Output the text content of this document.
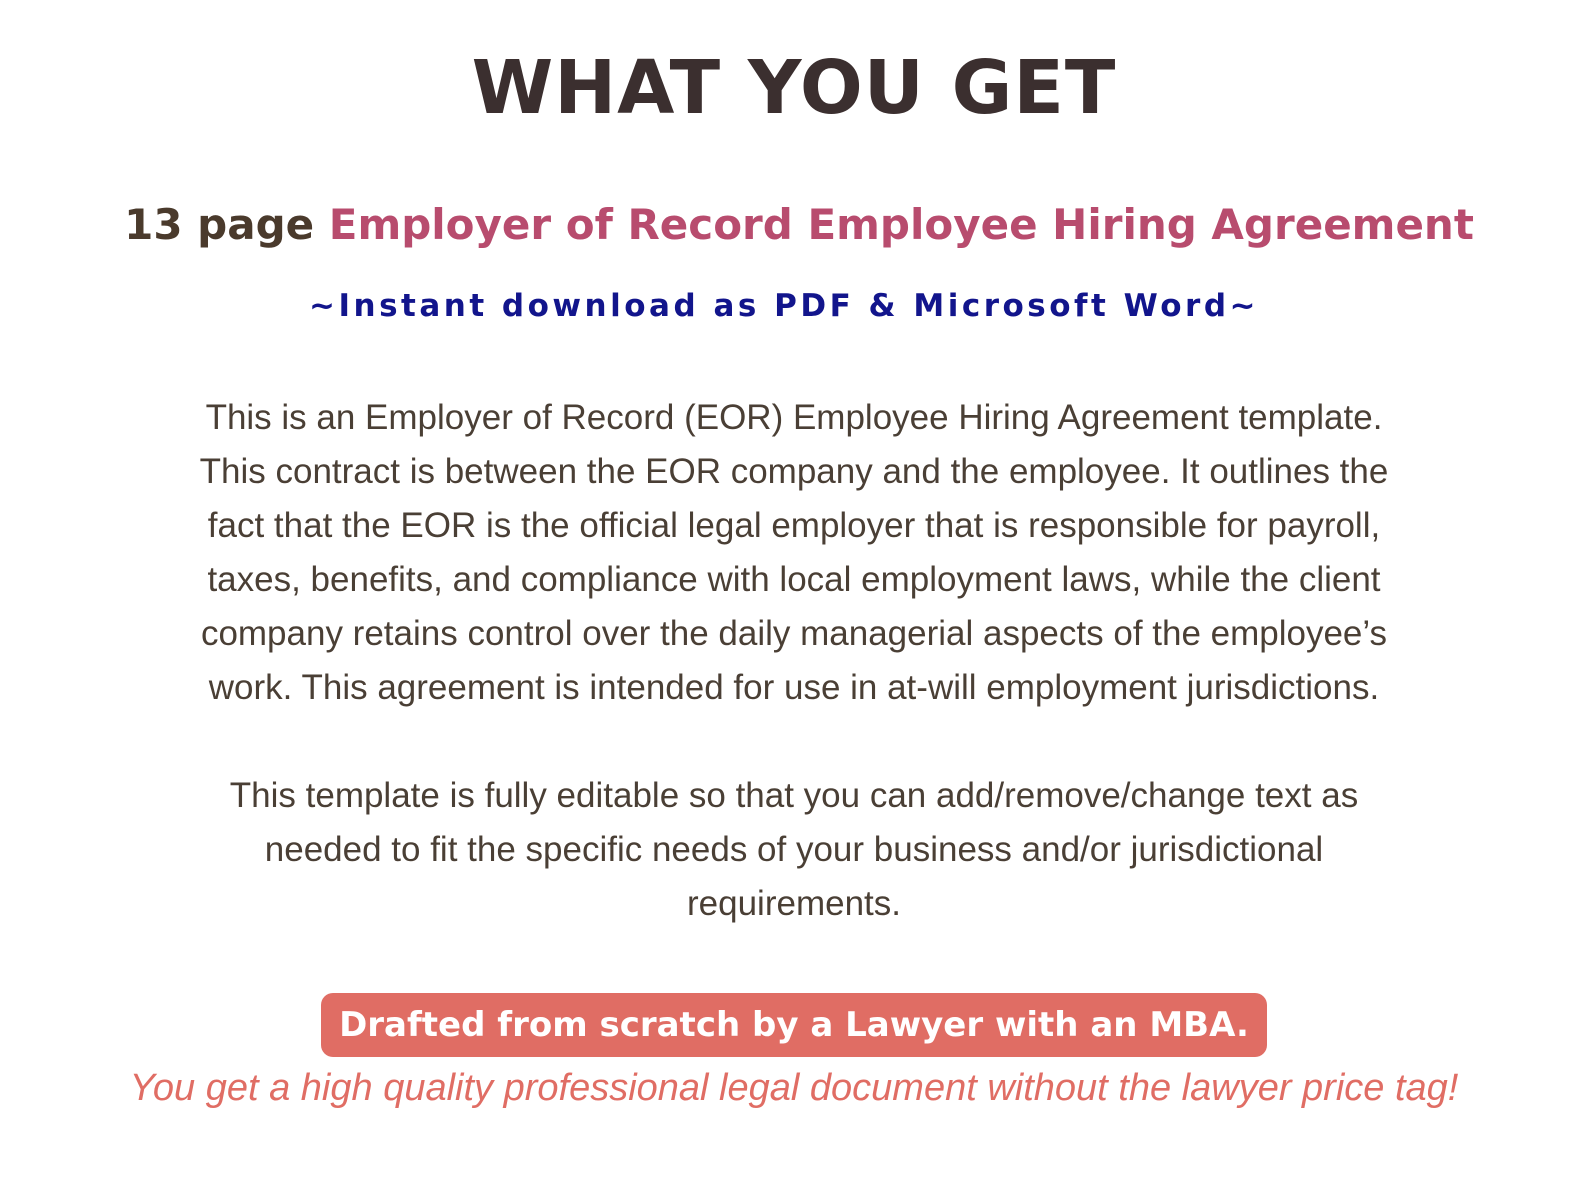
WHAT YOU GET
13 page Employer of Record Employee Hiring Agreement
~Instant download as PDF & Microsoft Word~
This is an Employer of Record (EOR) Employee Hiring Agreement template.
This contract is between the EOR company and the employee. It outlines the
fact that the EOR is the official legal employer that is responsible for payroll,
taxes, benefits, and compliance with local employment laws, while the client
company retains control over the daily managerial aspects of the employee’s
work. This agreement is intended for use in at-will employment jurisdictions.
This template is fully editable so that you can add/remove/change text as
needed to fit the specific needs of your business and/or jurisdictional
requirements.
Drafted from scratch by a Lawyer with an MBA.
You get a high quality professional legal document without the lawyer price tag!
